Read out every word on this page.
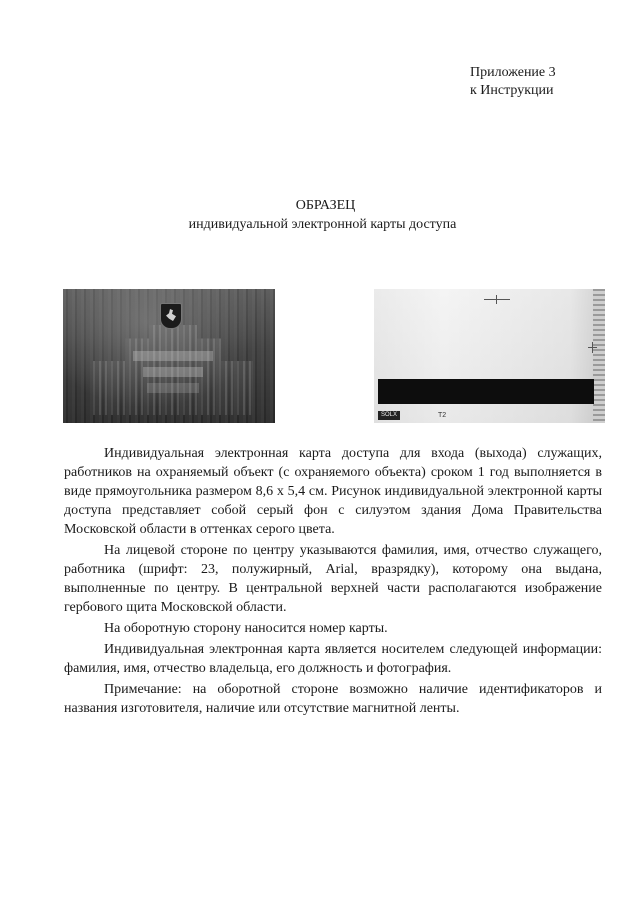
Приложение 3
к Инструкции
ОБРАЗЕЦ
индивидуальной электронной карты доступа
SOLX	T2

Индивидуальная электронная карта доступа для входа (выхода) служащих, работников на охраняемый объект (с охраняемого объекта) сроком 1 год выполняется в виде прямоугольника размером 8,6 x 5,4 см. Рисунок индивидуальной электронной карты доступа представляет собой серый фон с силуэтом здания Дома Правительства Московской области в оттенках серого цвета.

На лицевой стороне по центру указываются фамилия, имя, отчество служащего, работника (шрифт: 23, полужирный, Arial, вразрядку), которому она выдана, выполненные по центру. В центральной верхней части располагаются изображение гербового щита Московской области.

На оборотную сторону наносится номер карты.

Индивидуальная электронная карта является носителем следующей информации: фамилия, имя, отчество владельца, его должность и фотография.

Примечание: на оборотной стороне возможно наличие идентификаторов и названия изготовителя, наличие или отсутствие магнитной ленты.
